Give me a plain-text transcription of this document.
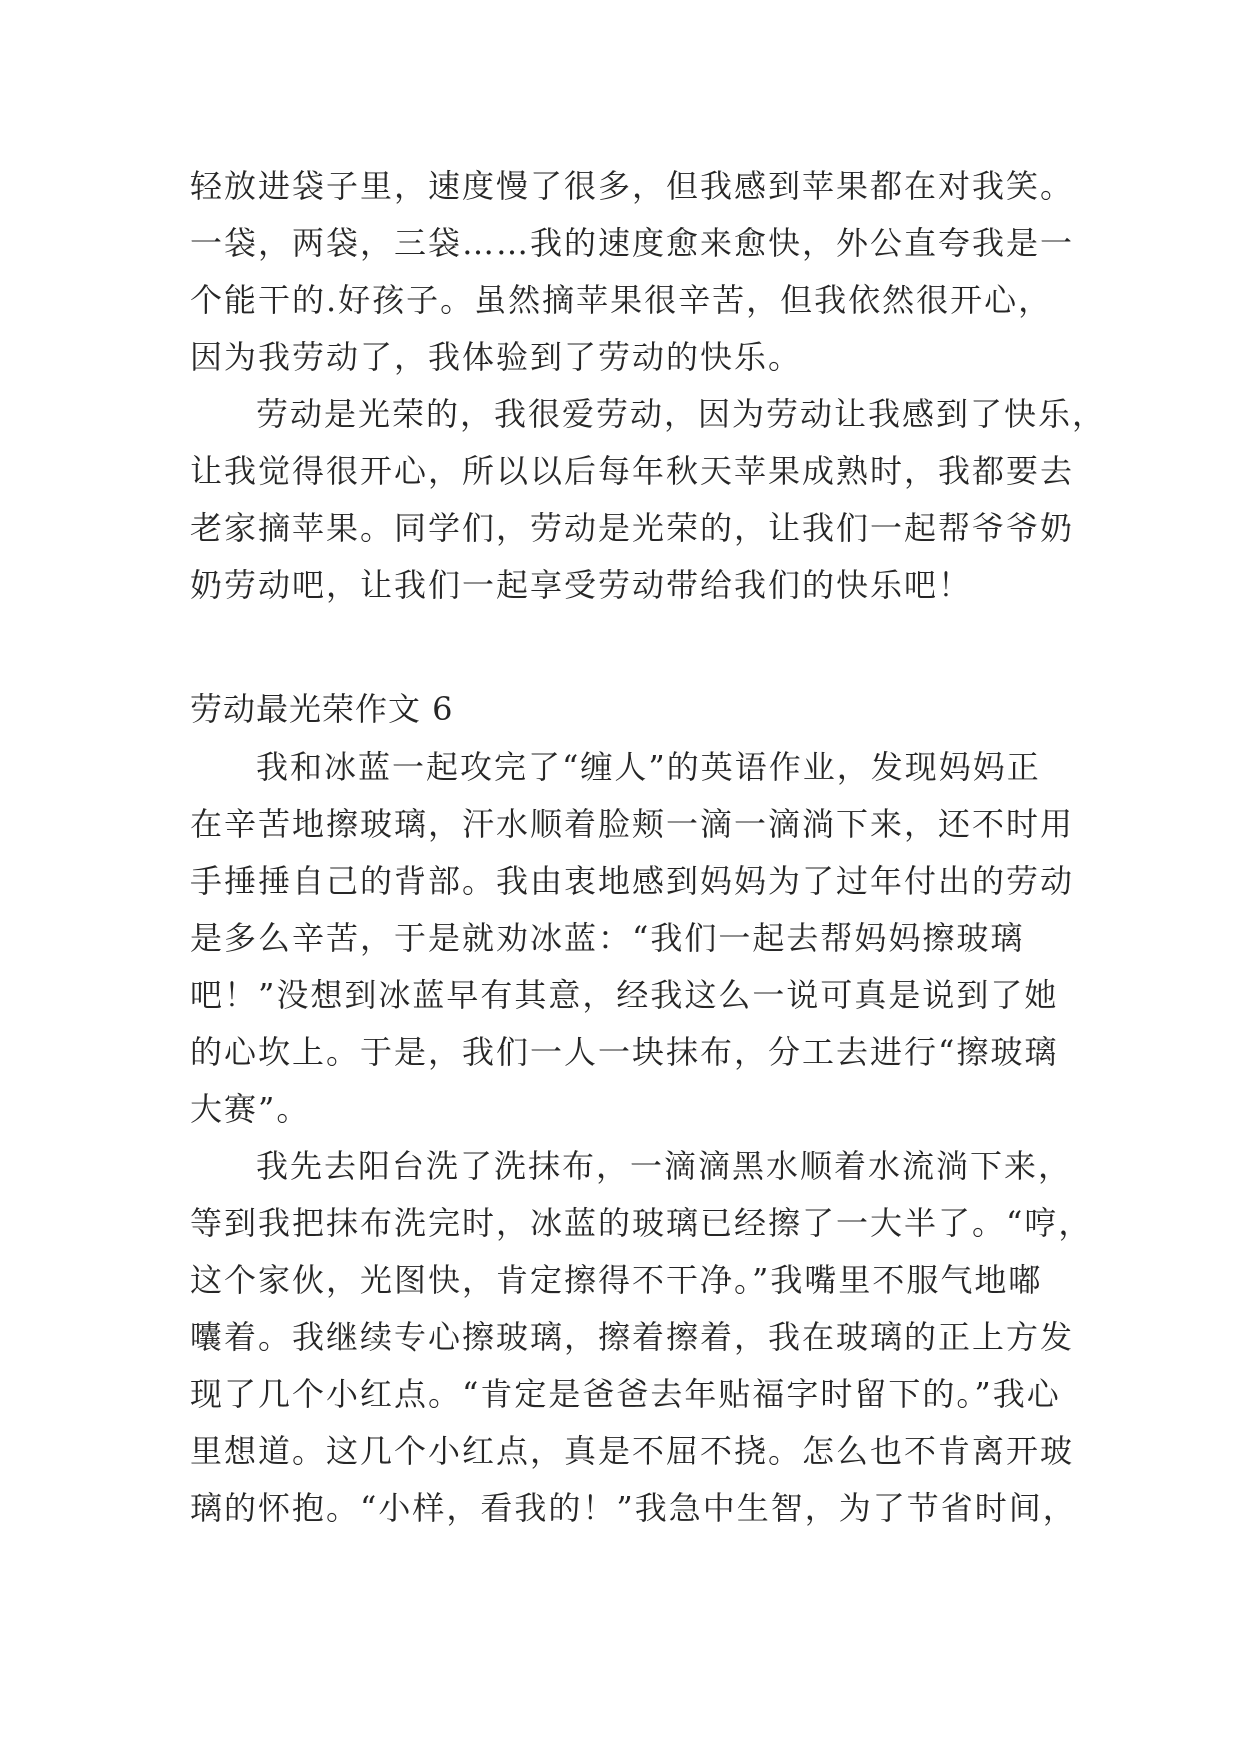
轻放进袋子里，速度慢了很多，但我感到苹果都在对我笑。
一袋，两袋，三袋……我的速度愈来愈快，外公直夸我是一
个能干的.好孩子。虽然摘苹果很辛苦，但我依然很开心，
因为我劳动了，我体验到了劳动的快乐。
劳动是光荣的，我很爱劳动，因为劳动让我感到了快乐，
让我觉得很开心，所以以后每年秋天苹果成熟时，我都要去
老家摘苹果。同学们，劳动是光荣的，让我们一起帮爷爷奶
奶劳动吧，让我们一起享受劳动带给我们的快乐吧！
劳动最光荣作文 6
我和冰蓝一起攻完了“缠人”的英语作业，发现妈妈正
在辛苦地擦玻璃，汗水顺着脸颊一滴一滴淌下来，还不时用
手捶捶自己的背部。我由衷地感到妈妈为了过年付出的劳动
是多么辛苦，于是就劝冰蓝：“我们一起去帮妈妈擦玻璃
吧！”没想到冰蓝早有其意，经我这么一说可真是说到了她
的心坎上。于是，我们一人一块抹布，分工去进行“擦玻璃
大赛”。
我先去阳台洗了洗抹布，一滴滴黑水顺着水流淌下来，
等到我把抹布洗完时，冰蓝的玻璃已经擦了一大半了。“哼，
这个家伙，光图快，肯定擦得不干净。”我嘴里不服气地嘟
囔着。我继续专心擦玻璃，擦着擦着，我在玻璃的正上方发
现了几个小红点。“肯定是爸爸去年贴福字时留下的。”我心
里想道。这几个小红点，真是不屈不挠。怎么也不肯离开玻
璃的怀抱。“小样，看我的！”我急中生智，为了节省时间，
